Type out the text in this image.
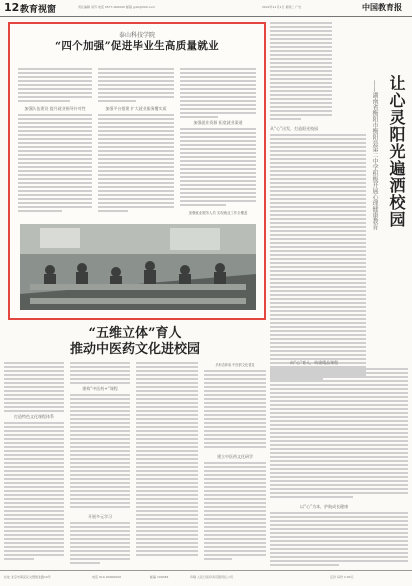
12 教育视窗	责任编辑 刘苏 电话 0577-000000 邮箱 jyzb@000.com	2022年11月1日 星期二 广告	中国教育报
泰山科技学院
“四个加强”促进毕业生高质量就业
加强队伍建设 提升就业指导针对性	加强平台搭建 扩大就业服务覆实质
加强就业资源 拓宽就业渠道
加强就业服务人员 实现就业工作全覆盖	让心灵阳光遍洒校园
——湖南省衡阳市衡阳县第二中学积极开展心理健康教育
从“心”出发，打造阳光校园
向“心”育人，构建精品课程
以“心”为本，护航成长健康
“五维立体”育人
推动中医药文化进校园
打造特色文化课程体系
建构“中医药+”课程
开展多元学习
多形态体验 中医药文化普及
建立中医药文化研学
社址 北京市海淀区文慧园北路10号	电话 010-00000000	邮编 100082	印刷 人民日报印务有限责任公司	定价 每份 2.00元
